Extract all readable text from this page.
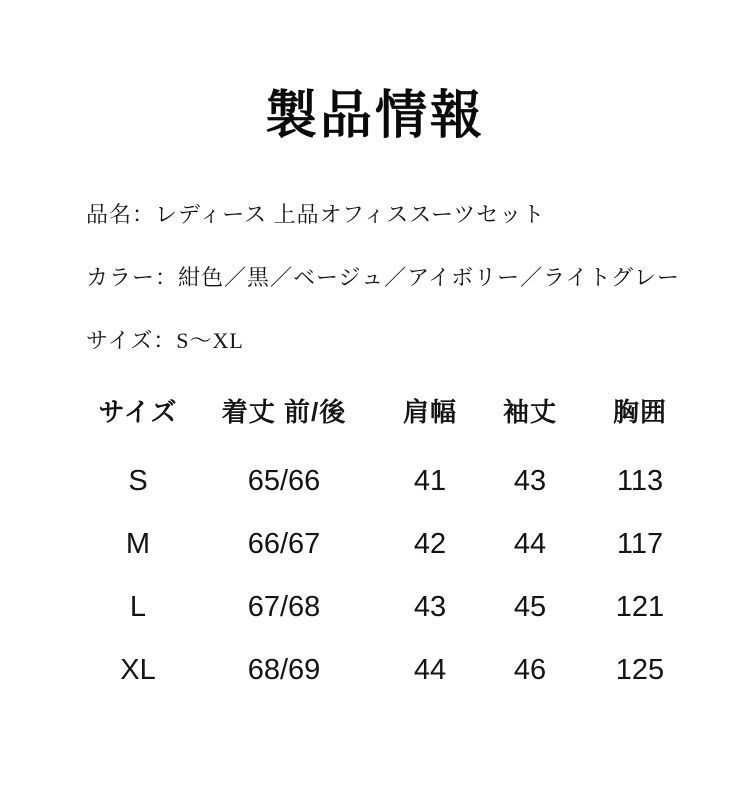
製品情報

品名：レディース 上品オフィススーツセット

カラー：紺色／黒／ベージュ／アイボリー／ライトグレー

サイズ：S〜XL

サイズ	着丈 前/後	肩幅	袖丈	胸囲
S	65/66	41	43	113
M	66/67	42	44	117
L	67/68	43	45	121
XL	68/69	44	46	125
